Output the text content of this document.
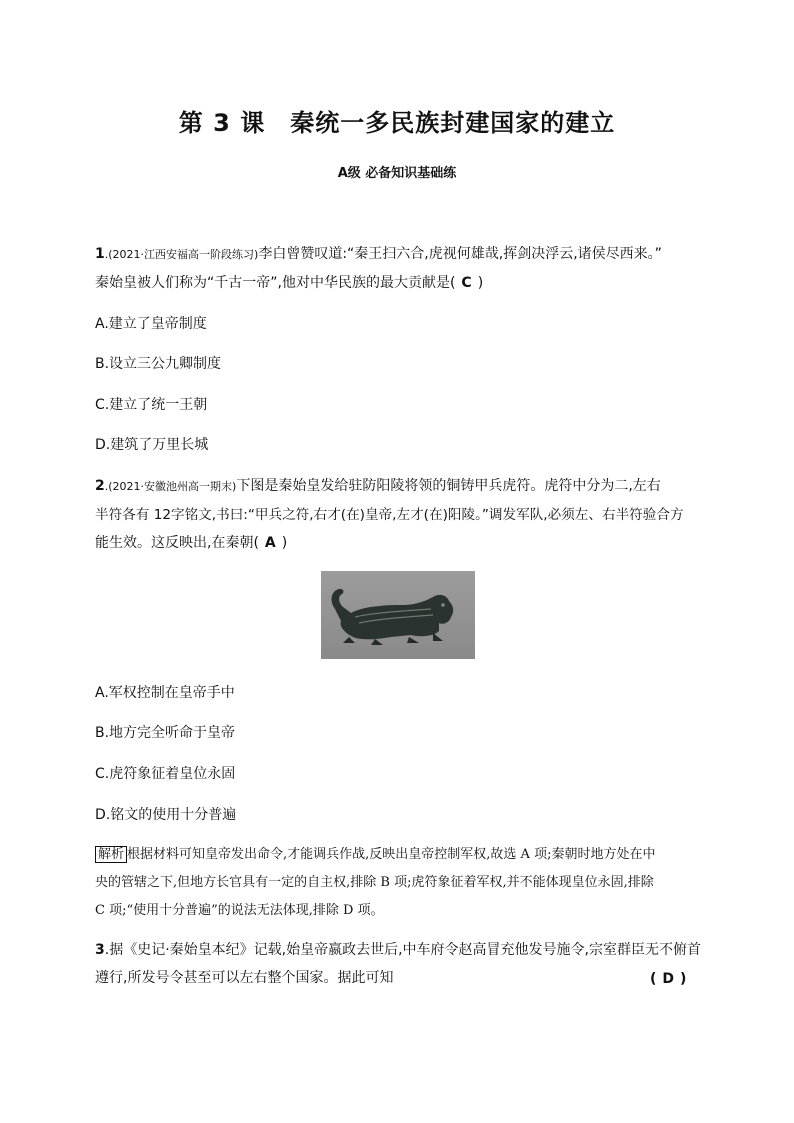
第 3 课　秦统一多民族封建国家的建立
A级 必备知识基础练
1.(2021·江西安福高一阶段练习)李白曾赞叹道:“秦王扫六合,虎视何雄哉,挥剑决浮云,诸侯尽西来。”
秦始皇被人们称为“千古一帝”,他对中华民族的最大贡献是( C )
A.建立了皇帝制度
B.设立三公九卿制度
C.建立了统一王朝
D.建筑了万里长城
2.(2021·安徽池州高一期末)下图是秦始皇发给驻防阳陵将领的铜铸甲兵虎符。虎符中分为二,左右
半符各有 12字铭文,书曰:“甲兵之符,右才(在)皇帝,左才(在)阳陵。”调发军队,必须左、右半符验合方
能生效。这反映出,在秦朝( A )
A.军权控制在皇帝手中
B.地方完全听命于皇帝
C.虎符象征着皇位永固
D.铭文的使用十分普遍
解析 根据材料可知皇帝发出命令,才能调兵作战,反映出皇帝控制军权,故选 A 项;秦朝时地方处在中
央的管辖之下,但地方长官具有一定的自主权,排除 B 项;虎符象征着军权,并不能体现皇位永固,排除
C 项;“使用十分普遍”的说法无法体现,排除 D 项。
3.据《史记·秦始皇本纪》记载,始皇帝嬴政去世后,中车府令赵高冒充他发号施令,宗室群臣无不俯首
遵行,所发号令甚至可以左右整个国家。据此可知	( D )
